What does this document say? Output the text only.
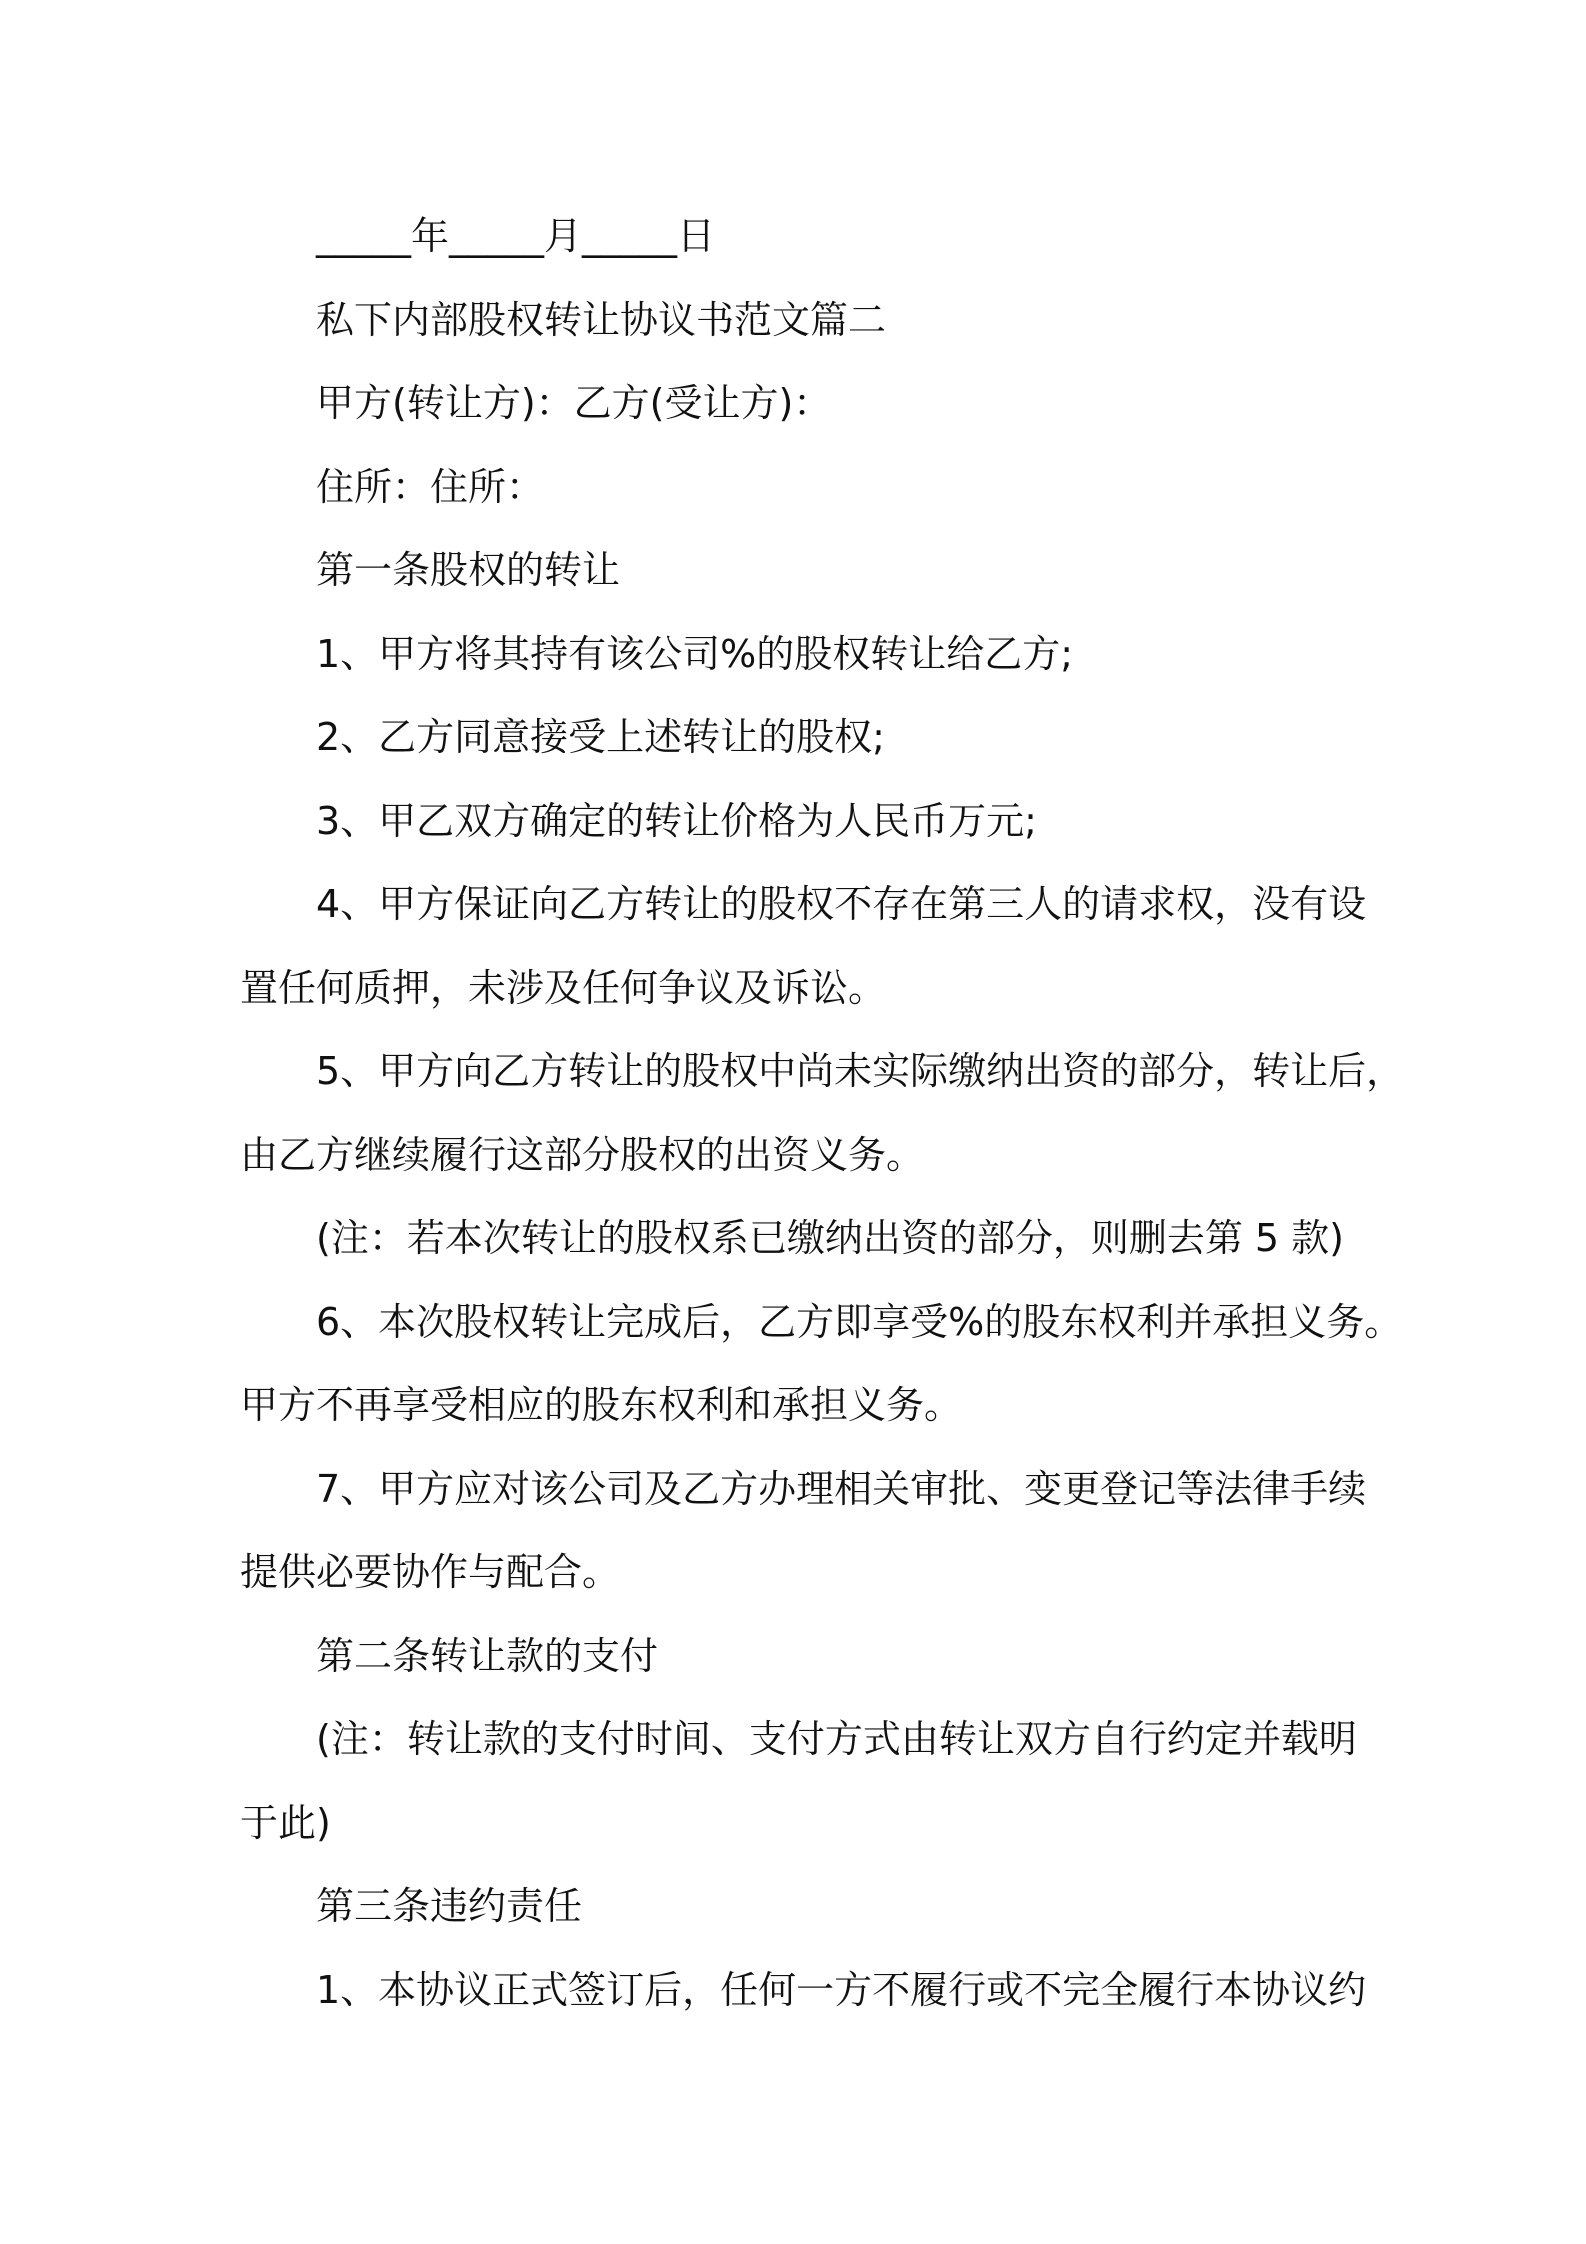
_____年_____月_____日

私下内部股权转让协议书范文篇二

甲方(转让方)：乙方(受让方)：

住所：住所：

第一条股权的转让

1、甲方将其持有该公司%的股权转让给乙方;

2、乙方同意接受上述转让的股权;

3、甲乙双方确定的转让价格为人民币万元;

4、甲方保证向乙方转让的股权不存在第三人的请求权，没有设

置任何质押，未涉及任何争议及诉讼。

5、甲方向乙方转让的股权中尚未实际缴纳出资的部分，转让后，

由乙方继续履行这部分股权的出资义务。

(注：若本次转让的股权系已缴纳出资的部分，则删去第 5 款)

6、本次股权转让完成后，乙方即享受%的股东权利并承担义务。

甲方不再享受相应的股东权利和承担义务。

7、甲方应对该公司及乙方办理相关审批、变更登记等法律手续

提供必要协作与配合。

第二条转让款的支付

(注：转让款的支付时间、支付方式由转让双方自行约定并载明

于此)

第三条违约责任

1、本协议正式签订后，任何一方不履行或不完全履行本协议约
